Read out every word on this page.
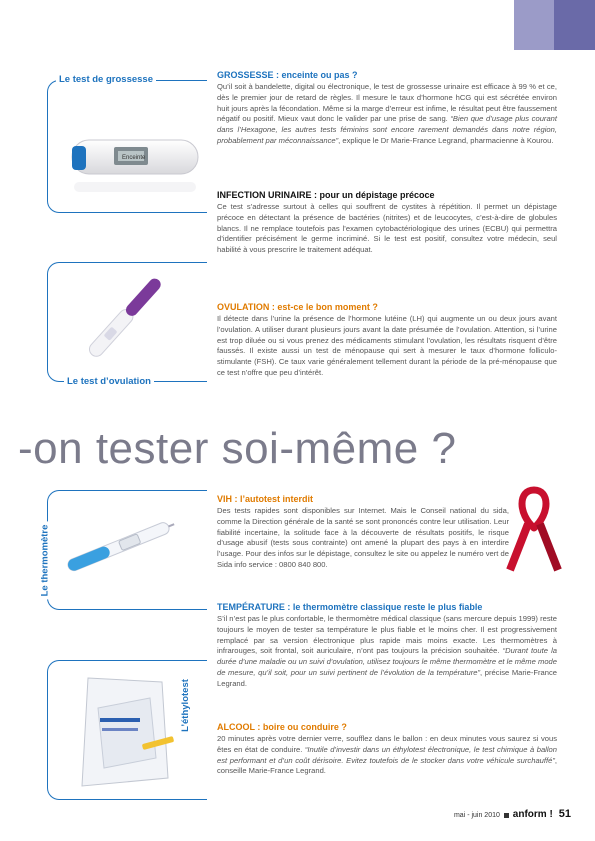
Le test de grossesse
Enceinte
Le test d’ovulation
GROSSESSE : enceinte ou pas ?

Qu’il soit à bandelette, digital ou électronique, le test de grossesse urinaire est efficace à 99 % et ce, dès le premier jour de retard de règles. Il mesure le taux d’hormone hCG qui est sécrétée environ huit jours après la fécondation. Même si la marge d’erreur est infime, le résultat peut être faussement négatif ou positif. Mieux vaut donc le valider par une prise de sang. “Bien que d’usage plus courant dans l’Hexagone, les autres tests féminins sont encore rarement demandés dans notre région, probablement par méconnaissance”, explique le Dr Marie-France Legrand, pharmacienne à Kourou.

INFECTION URINAIRE : pour un dépistage précoce

Ce test s’adresse surtout à celles qui souffrent de cystites à répétition. Il permet un dépistage précoce en détectant la présence de bactéries (nitrites) et de leucocytes, c’est-à-dire de globules blancs. Il ne remplace toutefois pas l’examen cytobactériologique des urines (ECBU) qui permettra d’identifier précisément le germe incriminé. Si le test est positif, consultez votre médecin, seul habilité à vous prescrire le traitement adéquat.

OVULATION : est-ce le bon moment ?

Il détecte dans l’urine la présence de l’hormone lutéine (LH) qui augmente un ou deux jours avant l’ovulation. A utiliser durant plusieurs jours avant la date présumée de l’ovulation. Attention, si l’urine est trop diluée ou si vous prenez des médicaments stimulant l’ovulation, les résultats risquent d’être faussés. Il existe aussi un test de ménopause qui sert à mesurer le taux d’hormone folliculo-stimulante (FSH). Ce taux varie généralement tellement durant la période de la pré-ménopause que ce test n’offre que peu d’intérêt.

-on tester soi-même ?
Le thermomètre
L’éthylotest
VIH : l’autotest interdit

Des tests rapides sont disponibles sur Internet. Mais le Conseil national du sida, comme la Direction générale de la santé se sont prononcés contre leur utilisation. Leur fiabilité incertaine, la solitude face à la découverte de résultats positifs, le risque d’usage abusif (tests sous contrainte) ont amené la plupart des pays à en interdire l’usage. Pour des infos sur le dépistage, consultez le site ou appelez le numéro vert de Sida info service : 0800 840 800.

TEMPÉRATURE : le thermomètre classique reste le plus fiable

S’il n’est pas le plus confortable, le thermomètre médical classique (sans mercure depuis 1999) reste toujours le moyen de tester sa température le plus fiable et le moins cher. Il est progressivement remplacé par sa version électronique plus rapide mais moins exacte. Les thermomètres à infrarouges, soit frontal, soit auriculaire, n’ont pas toujours la précision souhaitée. “Durant toute la durée d’une maladie ou un suivi d’ovulation, utilisez toujours le même thermomètre et le même mode de mesure, qu’il soit, pour un suivi pertinent de l’évolution de la température”, précise Marie-France Legrand.

ALCOOL : boire ou conduire ?

20 minutes après votre dernier verre, soufflez dans le ballon : en deux minutes vous saurez si vous êtes en état de conduire. “Inutile d’investir dans un éthylotest électronique, le test chimique à ballon est performant et d’un coût dérisoire. Evitez toutefois de le stocker dans votre véhicule surchauffé”, conseille Marie-France Legrand.

mai - juin 2010 anform ! 51
